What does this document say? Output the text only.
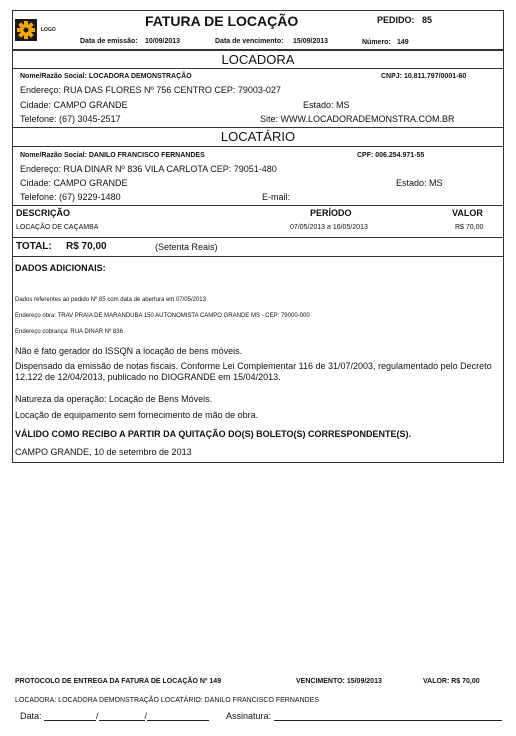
LOGO
FATURA DE LOCAÇÃO	PEDIDO: 85
Data de emissão: 10/09/2013	Data de vencimento: 15/09/2013	Número: 149
LOCADORA
Nome/Razão Social: LOCADORA DEMONSTRAÇÃO	CNPJ: 10.811.797/0001-60
Endereço: RUA DAS FLORES Nº 756 CENTRO CEP: 79003-027
Cidade: CAMPO GRANDE	Estado: MS
Telefone: (67) 3045-2517	Site: WWW.LOCADORADEMONSTRA.COM.BR
LOCATÁRIO
Nome/Razão Social: DANILO FRANCISCO FERNANDES	CPF: 006.254.971-55
Endereço: RUA DINAR Nº 836 VILA CARLOTA CEP: 79051-480
Cidade: CAMPO GRANDE	Estado: MS
Telefone: (67) 9229-1480	E-mail:
DESCRIÇÃO	PERÍODO	VALOR
LOCAÇÃO DE CAÇAMBA	07/05/2013 a 16/05/2013	R$ 70,00
TOTAL: R$ 70,00	(Setenta Reais)
DADOS ADICIONAIS:
Dados referentes ao pedido Nº 85 com data de abertura em 07/05/2013
Endereço obra: TRAV PRAIA DE MARANDUBA 150 AUTONOMISTA CAMPO GRANDE MS - CEP: 79000-000
Endereço cobrança: RUA DINAR Nº 836
Não é fato gerador do ISSQN a locação de bens móveis.
Dispensado da emissão de notas fiscais. Conforme Lei Complementar 116 de 31/07/2003, regulamentado pelo Decreto 12.122 de 12/04/2013, publicado no DIOGRANDE em 15/04/2013.
Natureza da operação: Locação de Bens Móveis.
Locação de equipamento sem fornecimento de mão de obra.
VÁLIDO COMO RECIBO A PARTIR DA QUITAÇÃO DO(S) BOLETO(S) CORRESPONDENTE(S).
CAMPO GRANDE, 10 de setembro de 2013
PROTOCOLO DE ENTREGA DA FATURA DE LOCAÇÃO Nº 149	VENCIMENTO: 15/09/2013	VALOR: R$ 70,00
LOCADORA: LOCADORA DEMONSTRAÇÃO LOCATÁRIO: DANILO FRANCISCO FERNANDES
Data:	/	/	Assinatura:
